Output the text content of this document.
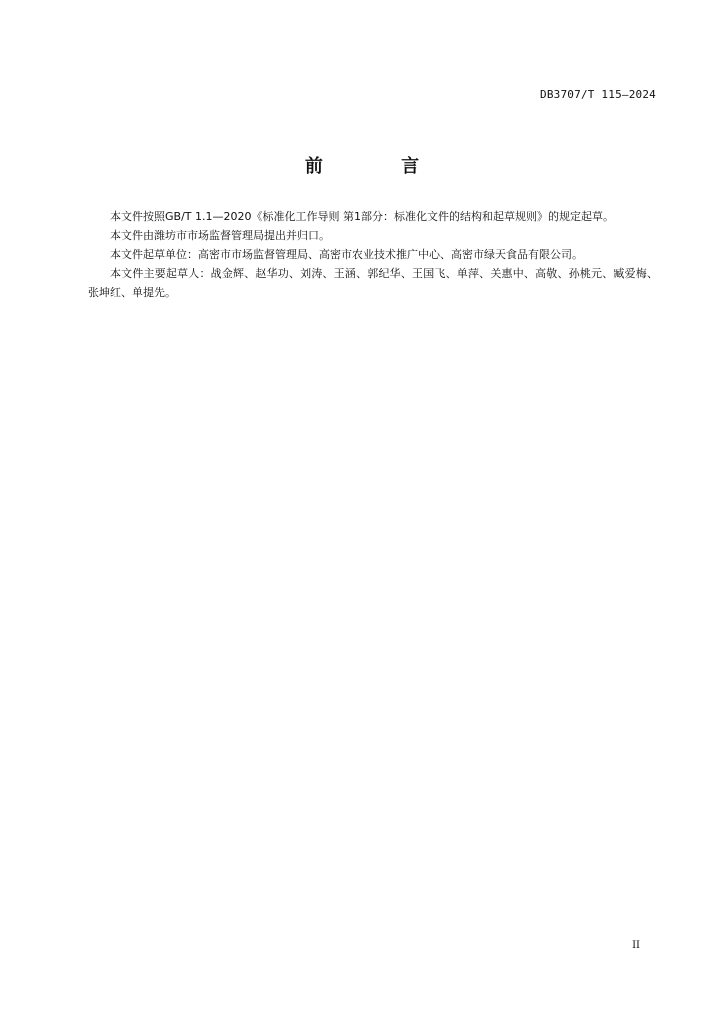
DB3707/T 115—2024
前 言

本文件按照GB/T 1.1—2020《标准化工作导则 第1部分：标准化文件的结构和起草规则》的规定起草。

本文件由潍坊市市场监督管理局提出并归口。

本文件起草单位：高密市市场监督管理局、高密市农业技术推广中心、高密市绿天食品有限公司。

本文件主要起草人：战金辉、赵华功、刘涛、王涵、郭纪华、王国飞、单萍、关惠中、高敬、孙桃元、臧爱梅、张坤红、单提先。

II
